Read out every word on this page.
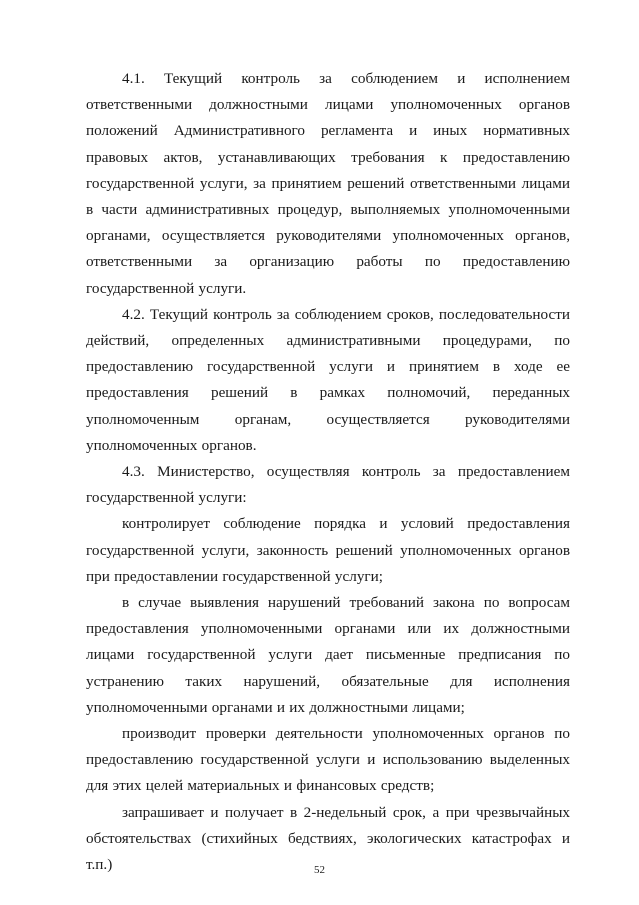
4.1. Текущий контроль за соблюдением и исполнением ответственными должностными лицами уполномоченных органов положений Административного регламента и иных нормативных правовых актов, устанавливающих требования к предоставлению государственной услуги, за принятием решений ответственными лицами в части административных процедур, выполняемых уполномоченными органами, осуществляется руководителями уполномоченных органов, ответственными за организацию работы по предоставлению государственной услуги.

4.2. Текущий контроль за соблюдением сроков, последовательности действий, определенных административными процедурами, по предоставлению государственной услуги и принятием в ходе ее предоставления решений в рамках полномочий, переданных уполномоченным органам, осуществляется руководителями уполномоченных органов.

4.3. Министерство, осуществляя контроль за предоставлением государственной услуги:

контролирует соблюдение порядка и условий предоставления государственной услуги, законность решений уполномоченных органов при предоставлении государственной услуги;

в случае выявления нарушений требований закона по вопросам предоставления уполномоченными органами или их должностными лицами государственной услуги дает письменные предписания по устранению таких нарушений, обязательные для исполнения уполномоченными органами и их должностными лицами;

производит проверки деятельности уполномоченных органов по предоставлению государственной услуги и использованию выделенных для этих целей материальных и финансовых средств;

запрашивает и получает в 2-недельный срок, а при чрезвычайных обстоятельствах (стихийных бедствиях, экологических катастрофах и т.п.)	52
